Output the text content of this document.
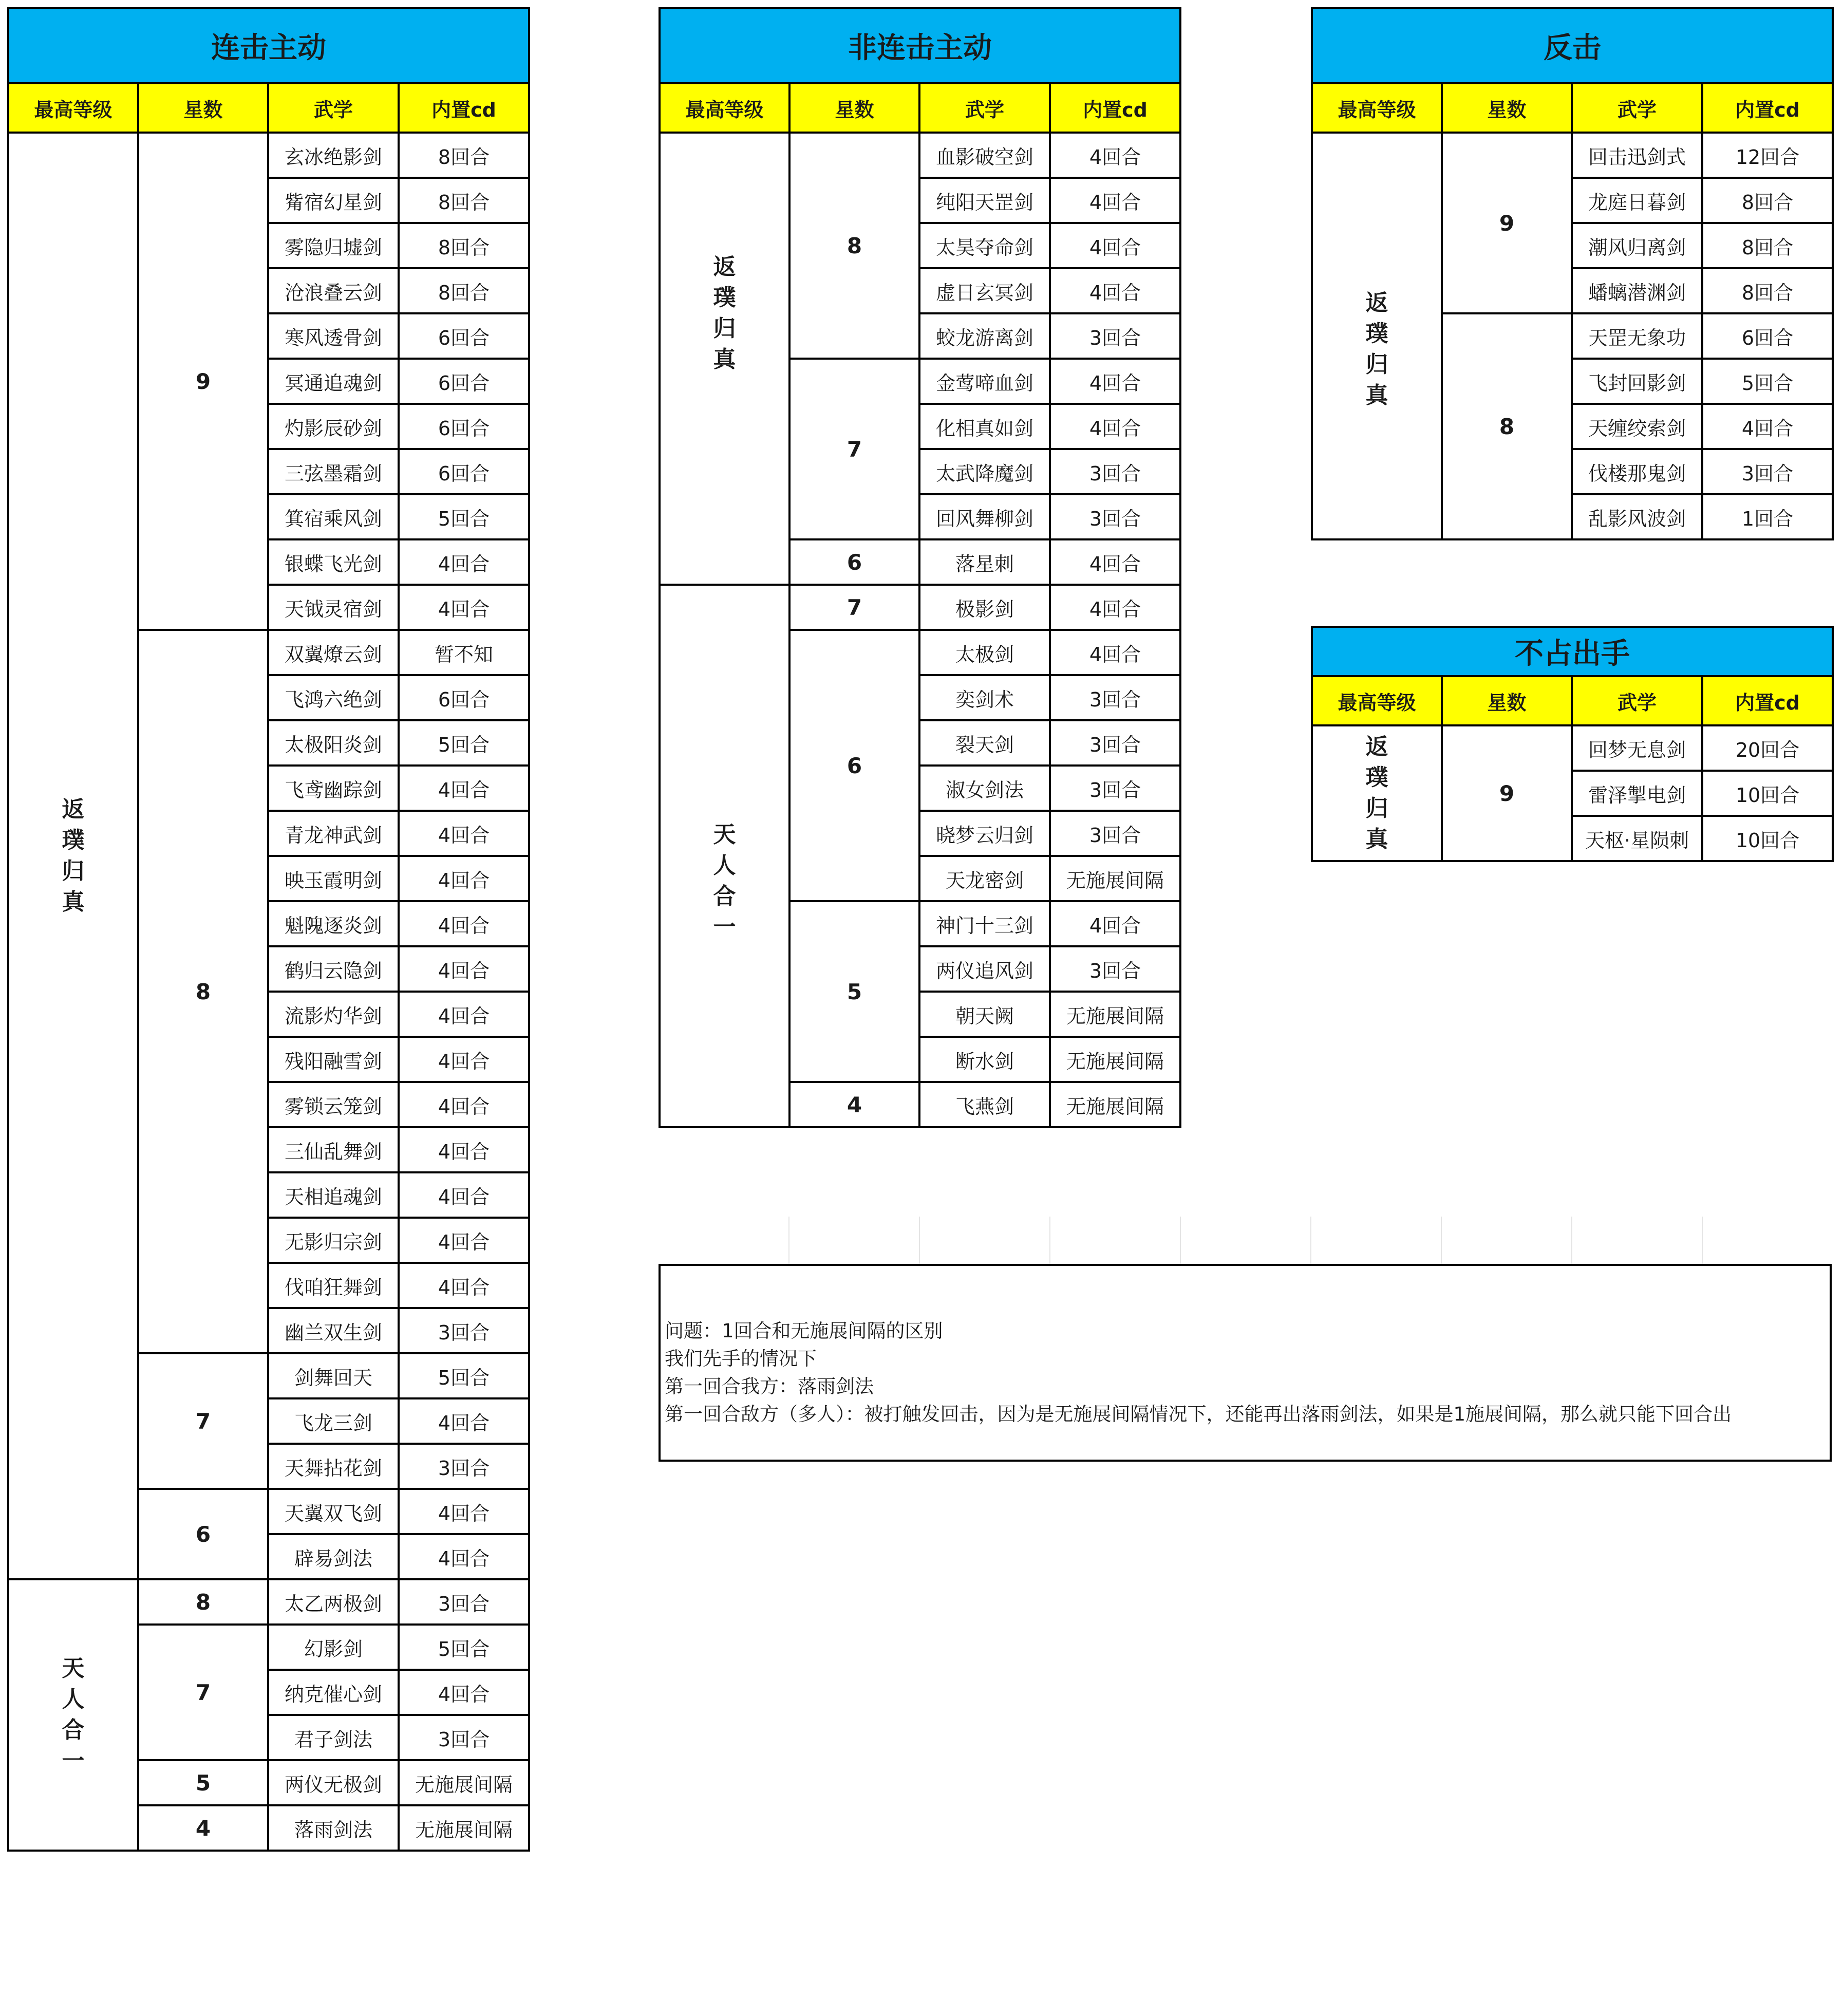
连击主动			
最高等级	星数	武学	内置cd

返璞归真	9	玄冰绝影剑	8回合
		觜宿幻星剑	8回合
		雾隐归墟剑	8回合
		沧浪叠云剑	8回合
		寒风透骨剑	6回合
		冥通追魂剑	6回合
		灼影辰砂剑	6回合
		三弦墨霜剑	6回合
		箕宿乘风剑	5回合
		银蝶飞光剑	4回合
		天钺灵宿剑	4回合
	8	双翼燎云剑	暂不知
		飞鸿六绝剑	6回合
		太极阳炎剑	5回合
		飞鸢幽踪剑	4回合
		青龙神武剑	4回合
		映玉霞明剑	4回合
		魁隗逐炎剑	4回合
		鹤归云隐剑	4回合
		流影灼华剑	4回合
		残阳融雪剑	4回合
		雾锁云笼剑	4回合
		三仙乱舞剑	4回合
		天相追魂剑	4回合
		无影归宗剑	4回合
		伐咱狂舞剑	4回合
		幽兰双生剑	3回合
	7	剑舞回天	5回合
		飞龙三剑	4回合
		天舞拈花剑	3回合
	6	天翼双飞剑	4回合
		辟易剑法	4回合

天人合一	8	太乙两极剑	3回合
	7	幻影剑	5回合
		纳克催心剑	4回合
		君子剑法	3回合
	5	两仪无极剑	无施展间隔
	4	落雨剑法	无施展间隔
非连击主动			
最高等级	星数	武学	内置cd

返璞归真	8	血影破空剑	4回合
		纯阳天罡剑	4回合
		太昊夺命剑	4回合
		虚日玄冥剑	4回合
		蛟龙游离剑	3回合
	7	金莺啼血剑	4回合
		化相真如剑	4回合
		太武降魔剑	3回合
		回风舞柳剑	3回合
	6	落星刺	4回合

天人合一	7	极影剑	4回合
	6	太极剑	4回合
		奕剑术	3回合
		裂天剑	3回合
		淑女剑法	3回合
		晓梦云归剑	3回合
		天龙密剑	无施展间隔
	5	神门十三剑	4回合
		两仪追风剑	3回合
		朝天阙	无施展间隔
		断水剑	无施展间隔
	4	飞燕剑	无施展间隔
反击			
最高等级	星数	武学	内置cd

返璞归真	9	回击迅剑式	12回合
		龙庭日暮剑	8回合
		潮风归离剑	8回合
		蟠螭潜渊剑	8回合
	8	天罡无象功	6回合
		飞封回影剑	5回合
		天缠绞索剑	4回合
		伐楼那鬼剑	3回合
		乱影风波剑	1回合
不占出手			
最高等级	星数	武学	内置cd

返璞归真	9	回梦无息剑	20回合
		雷泽掣电剑	10回合
		天枢·星陨刺	10回合
问题：1回合和无施展间隔的区别
我们先手的情况下
第一回合我方：落雨剑法
第一回合敌方（多人）：被打触发回击，因为是无施展间隔情况下，还能再出落雨剑法，如果是1施展间隔，那么就只能下回合出
